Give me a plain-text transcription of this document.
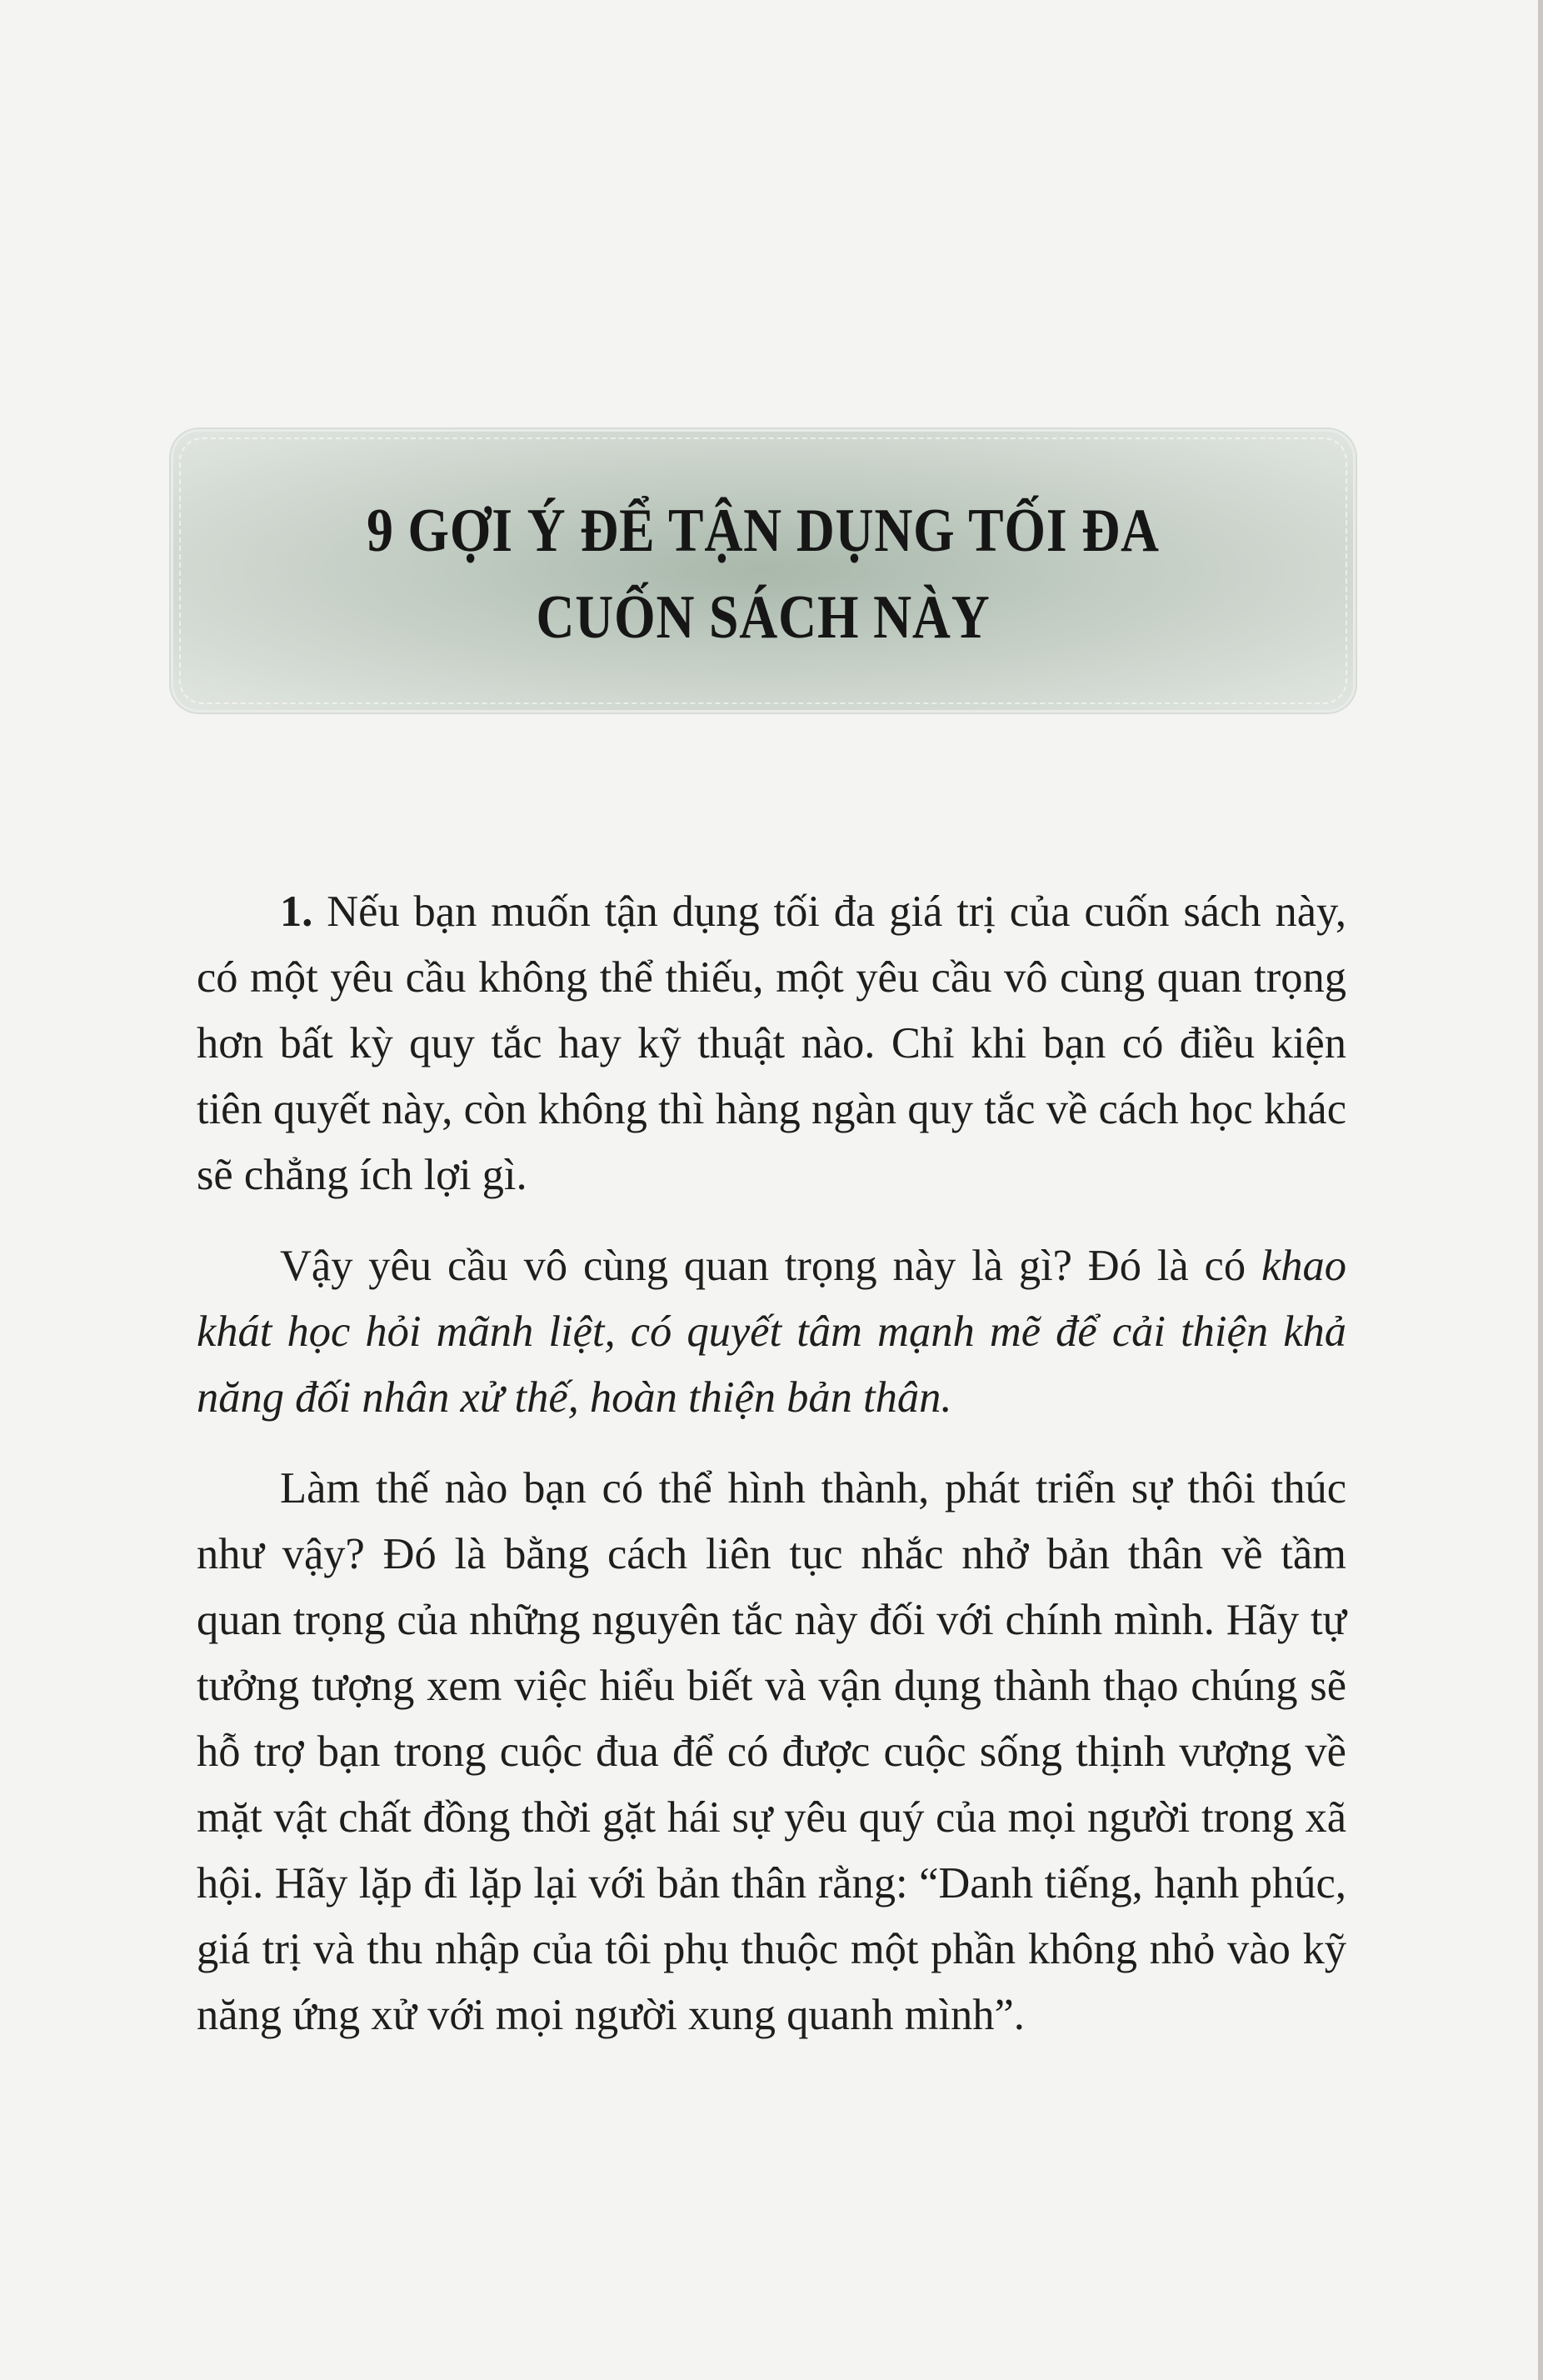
9 GỢI Ý ĐỂ TẬN DỤNG TỐI ĐA
CUỐN SÁCH NÀY

1. Nếu bạn muốn tận dụng tối đa giá trị của cuốn sách này, có một yêu cầu không thể thiếu, một yêu cầu vô cùng quan trọng hơn bất kỳ quy tắc hay kỹ thuật nào. Chỉ khi bạn có điều kiện tiên quyết này, còn không thì hàng ngàn quy tắc về cách học khác sẽ chẳng ích lợi gì.

Vậy yêu cầu vô cùng quan trọng này là gì? Đó là có khao khát học hỏi mãnh liệt, có quyết tâm mạnh mẽ để cải thiện khả năng đối nhân xử thế, hoàn thiện bản thân.

Làm thế nào bạn có thể hình thành, phát triển sự thôi thúc như vậy? Đó là bằng cách liên tục nhắc nhở bản thân về tầm quan trọng của những nguyên tắc này đối với chính mình. Hãy tự tưởng tượng xem việc hiểu biết và vận dụng thành thạo chúng sẽ hỗ trợ bạn trong cuộc đua để có được cuộc sống thịnh vượng về mặt vật chất đồng thời gặt hái sự yêu quý của mọi người trong xã hội. Hãy lặp đi lặp lại với bản thân rằng: “Danh tiếng, hạnh phúc, giá trị và thu nhập của tôi phụ thuộc một phần không nhỏ vào kỹ năng ứng xử với mọi người xung quanh mình”.
